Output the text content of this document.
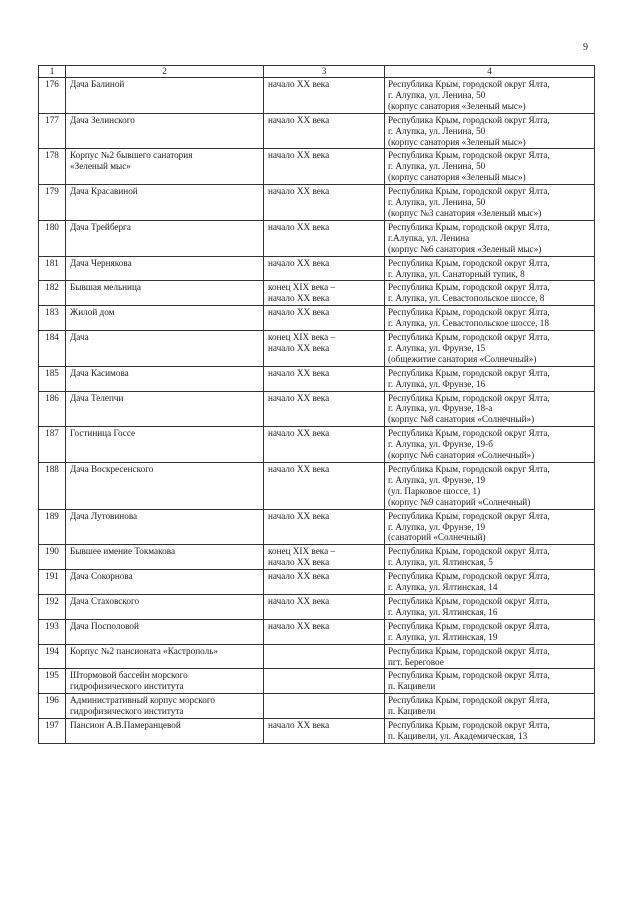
9
1	2	3	4
176	Дача Балиной	начало XX века	Республика Крым, городской округ Ялта,
г. Алупка, ул. Ленина, 50
(корпус санатория «Зеленый мыс»)

177	Дача Зелинского	начало XX века	Республика Крым, городской округ Ялта,
г. Алупка, ул. Ленина, 50
(корпус санатория «Зеленый мыс»)

178	Корпус №2 бывшего санатория
«Зеленый мыс»	начало XX века	Республика Крым, городской округ Ялта,
г. Алупка, ул. Ленина, 50
(корпус санатория «Зеленый мыс»)

179	Дача Красавиной	начало XX века	Республика Крым, городской округ Ялта,
г. Алупка, ул. Ленина, 50
(корпус №3 санатория «Зеленый мыс»)

180	Дача Трейберга	начало XX века	Республика Крым, городской округ Ялта,
г.Алупка, ул. Ленина
(корпус №6 санатория «Зеленый мыс»)

181	Дача Чернякова	начало XX века	Республика Крым, городской округ Ялта,
г. Алупка, ул. Санаторный тупик, 8

182	Бывшая мельница	конец XIX века –
начало XX века	Республика Крым, городской округ Ялта,
г. Алупка, ул. Севастопольское шоссе, 8

183	Жилой дом	начало XX века	Республика Крым, городской округ Ялта,
г. Алупка, ул. Севастопольское шоссе, 18

184	Дача	конец XIX века –
начало XX века	Республика Крым, городской округ Ялта,
г. Алупка, ул. Фрунзе, 15
(общежитие санатория «Солнечный»)

185	Дача Касимова	начало XX века	Республика Крым, городской округ Ялта,
г. Алупка, ул. Фрунзе, 16

186	Дача Телепчи	начало XX века	Республика Крым, городской округ Ялта,
г. Алупка, ул. Фрунзе, 18-а
(корпус №8 санатория «Солнечный»)

187	Гостиница Госсе	начало XX века	Республика Крым, городской округ Ялта,
г. Алупка, ул. Фрунзе, 19-б
(корпус №6 санатория «Солнечный»)

188	Дача Воскресенского	начало XX века	Республика Крым, городской округ Ялта,
г. Алупка, ул. Фрунзе, 19
(ул. Парковое шоссе, 1)
(корпус №9 санаторий «Солнечный)

189	Дача Лутовинова	начало XX века	Республика Крым, городской округ Ялта,
г. Алупка, ул. Фрунзе, 19
(санаторий «Солнечный)

190	Бывшее имение Токмакова	конец XIX века –
начало XX века	Республика Крым, городской округ Ялта,
г. Алупка, ул. Ялтинская, 5

191	Дача Сокорнова	начало XX века	Республика Крым, городской округ Ялта,
г. Алупка, ул. Ялтинская, 14

192	Дача Стаховского	начало XX века	Республика Крым, городской округ Ялта,
г. Алупка, ул. Ялтинская, 16

193	Дача Посполовой	начало XX века	Республика Крым, городской округ Ялта,
г. Алупка, ул. Ялтинская, 19

194	Корпус №2 пансионата «Кастрополь»		Республика Крым, городской округ Ялта,
пгт. Береговое

195	Штормовой бассейн морского
гидрофизического института		Республика Крым, городской округ Ялта,
п. Кацивели

196	Административный корпус морского
гидрофизического института		Республика Крым, городской округ Ялта,
п. Кацивели

197	Пансион А.В.Памеранцевой	начало XX века	Республика Крым, городской округ Ялта,
п. Кацивели, ул. Академическая, 13
